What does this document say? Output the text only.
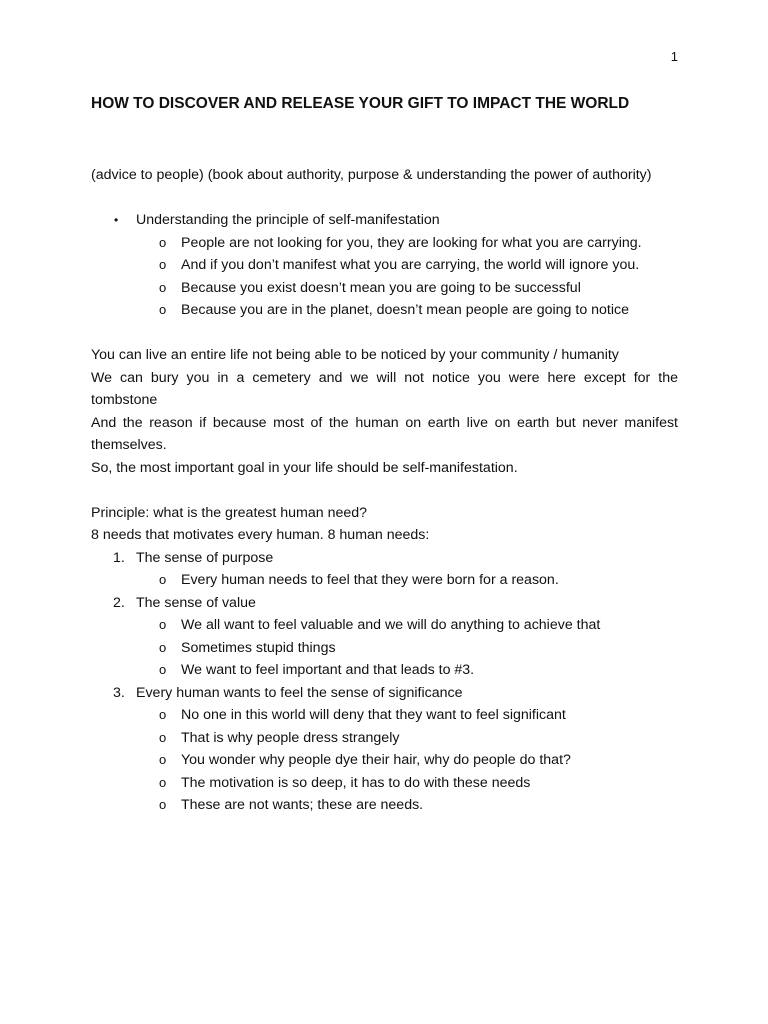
1
HOW TO DISCOVER AND RELEASE YOUR GIFT TO IMPACT THE WORLD

(advice to people) (book about authority, purpose & understanding the power of authority)

• Understanding the principle of self-manifestation
o People are not looking for you, they are looking for what you are carrying.
o And if you don’t manifest what you are carrying, the world will ignore you.
o Because you exist doesn’t mean you are going to be successful
o Because you are in the planet, doesn’t mean people are going to notice

You can live an entire life not being able to be noticed by your community / humanity

We can bury you in a cemetery and we will not notice you were here except for the tombstone

And the reason if because most of the human on earth live on earth but never manifest themselves.

So, the most important goal in your life should be self-manifestation.

Principle: what is the greatest human need?

8 needs that motivates every human. 8 human needs:

1. The sense of purpose
o Every human needs to feel that they were born for a reason.
2. The sense of value
o We all want to feel valuable and we will do anything to achieve that
o Sometimes stupid things
o We want to feel important and that leads to #3.
3. Every human wants to feel the sense of significance
o No one in this world will deny that they want to feel significant
o That is why people dress strangely
o You wonder why people dye their hair, why do people do that?
o The motivation is so deep, it has to do with these needs
o These are not wants; these are needs.
